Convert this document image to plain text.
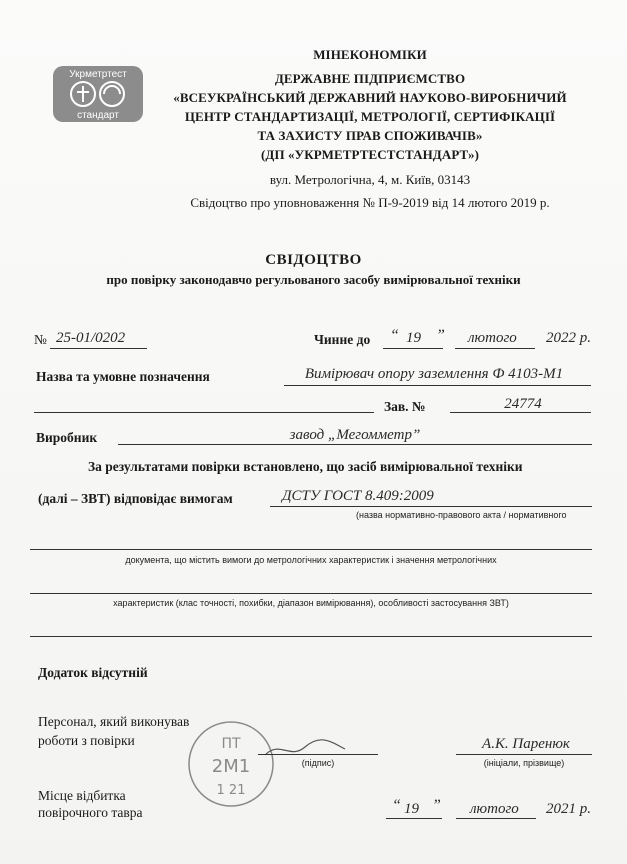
Укрметртест
стандарт
МІНЕКОНОМІКИ
ДЕРЖАВНЕ ПІДПРИЄМСТВО
«ВСЕУКРАЇНСЬКИЙ ДЕРЖАВНИЙ НАУКОВО-ВИРОБНИЧИЙ
ЦЕНТР СТАНДАРТИЗАЦІЇ, МЕТРОЛОГІЇ, СЕРТИФІКАЦІЇ
ТА ЗАХИСТУ ПРАВ СПОЖИВАЧІВ»
(ДП «УКРМЕТРТЕСТСТАНДАРТ»)
вул. Метрологічна, 4, м. Київ, 03143
Свідоцтво про уповноваження № П-9-2019 від 14 лютого 2019 р.
СВІДОЦТВО
про повірку законодавчо регульованого засобу вимірювальної техніки
№ 25-01/0202	Чинне до “ 19 ” лютого 2022 р.
Назва та умовне позначення	Вимірювач опору заземлення Ф 4103-М1
Зав. №	24774
Виробник	завод „Мегомметр”
За результатами повірки встановлено, що засіб вимірювальної техніки
(далі – ЗВТ) відповідає вимогам	ДСТУ ГОСТ 8.409:2009
(назва нормативно-правового акта / нормативного
документа, що містить вимоги до метрологічних характеристик і значення метрологічних
характеристик (клас точності, похибки, діапазон вимірювання), особливості застосування ЗВТ)
Додаток відсутній
Персонал, який виконував
роботи з повірки	ПТ
2М1
1 21
(підпис)
А.К. Паренюк
(ініціали, прізвище)
Місце відбитка
повірочного тавра	“ 19 ” лютого 2021 р.
